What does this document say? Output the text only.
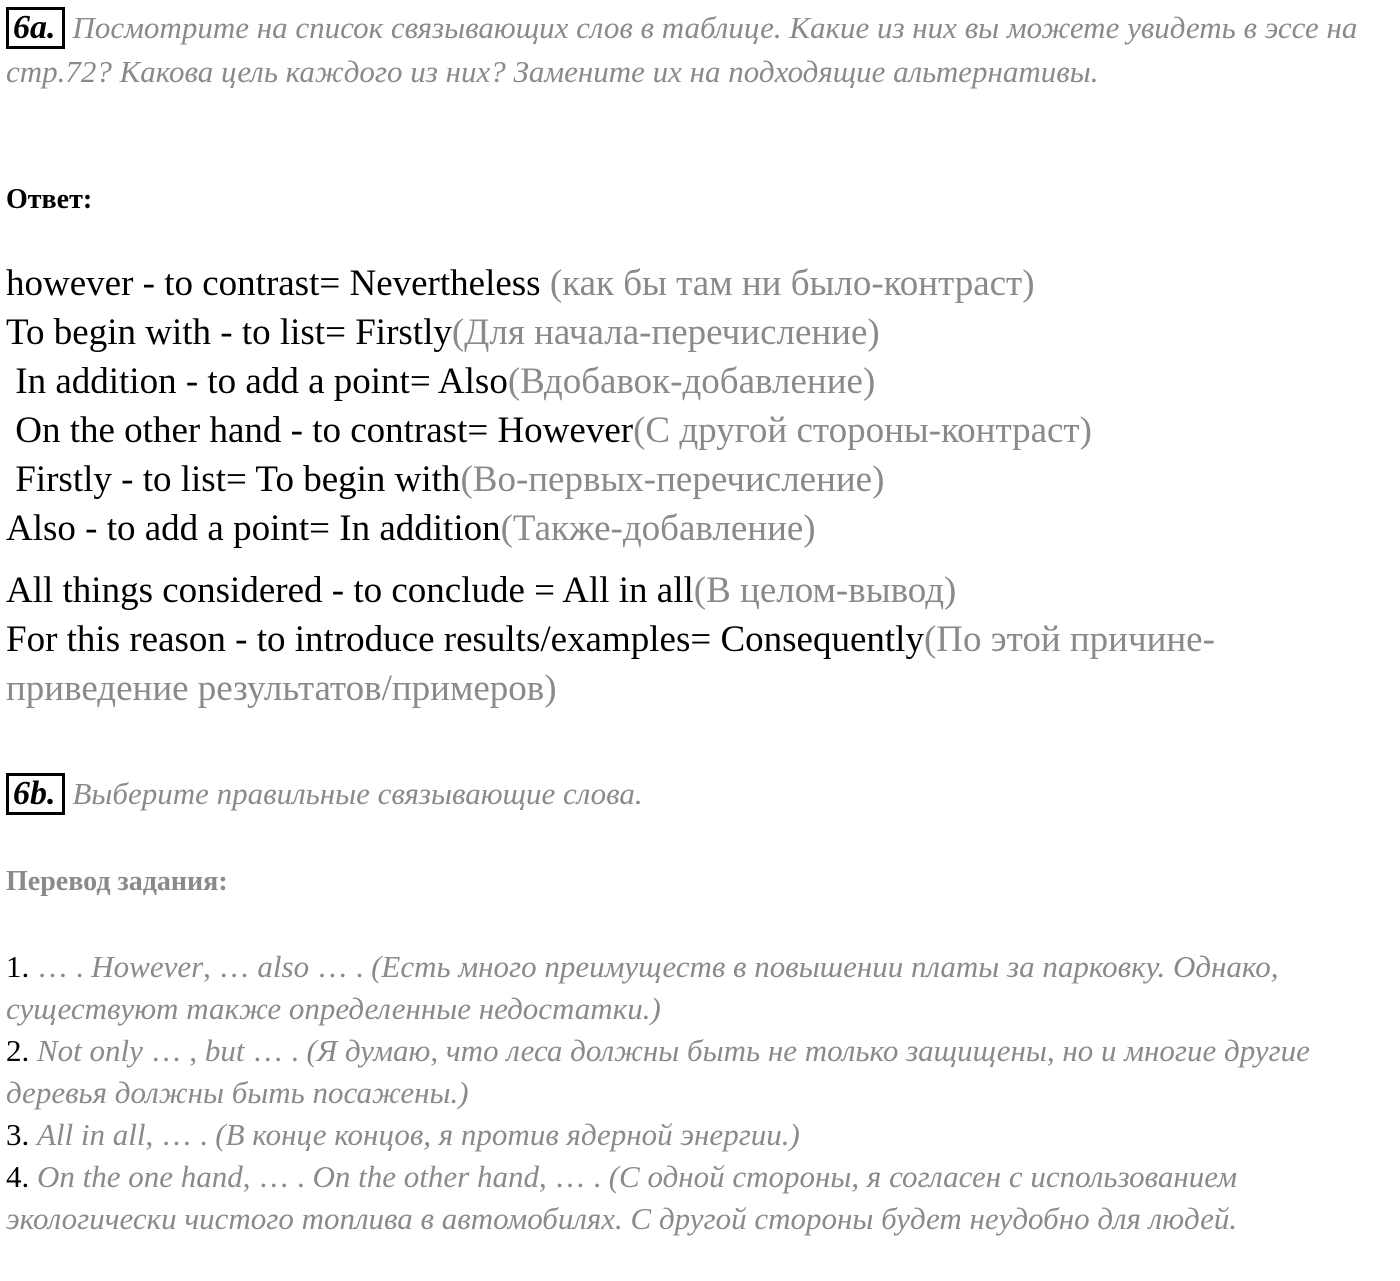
6a. Посмотрите на список связывающих слов в таблице. Какие из них вы можете увидеть в эссе на стр.72? Какова цель каждого из них? Замените их на подходящие альтернативы.
Ответ:
however - to contrast= Nevertheless (как бы там ни было-контраст)
To begin with - to list= Firstly(Для начала-перечисление)
In addition - to add a point= Also(Вдобавок-добавление)
On the other hand - to contrast= However(С другой стороны-контраст)
Firstly - to list= To begin with(Во-первых-перечисление)
Also - to add a point= In addition(Также-добавление)
All things considered - to conclude = All in all(В целом-вывод)
For this reason - to introduce results/examples= Consequently(По этой причине-приведение результатов/примеров)
6b. Выберите правильные связывающие слова.
Перевод задания:
1. … . However, … also … . (Есть много преимуществ в повышении платы за парковку. Однако, существуют также определенные недостатки.)
2. Not only … , but … . (Я думаю, что леса должны быть не только защищены, но и многие другие деревья должны быть посажены.)
3. All in all, … . (В конце концов, я против ядерной энергии.)
4. On the one hand, … . On the other hand, … . (С одной стороны, я согласен с использованием экологически чистого топлива в автомобилях. С другой стороны будет неудобно для людей.
